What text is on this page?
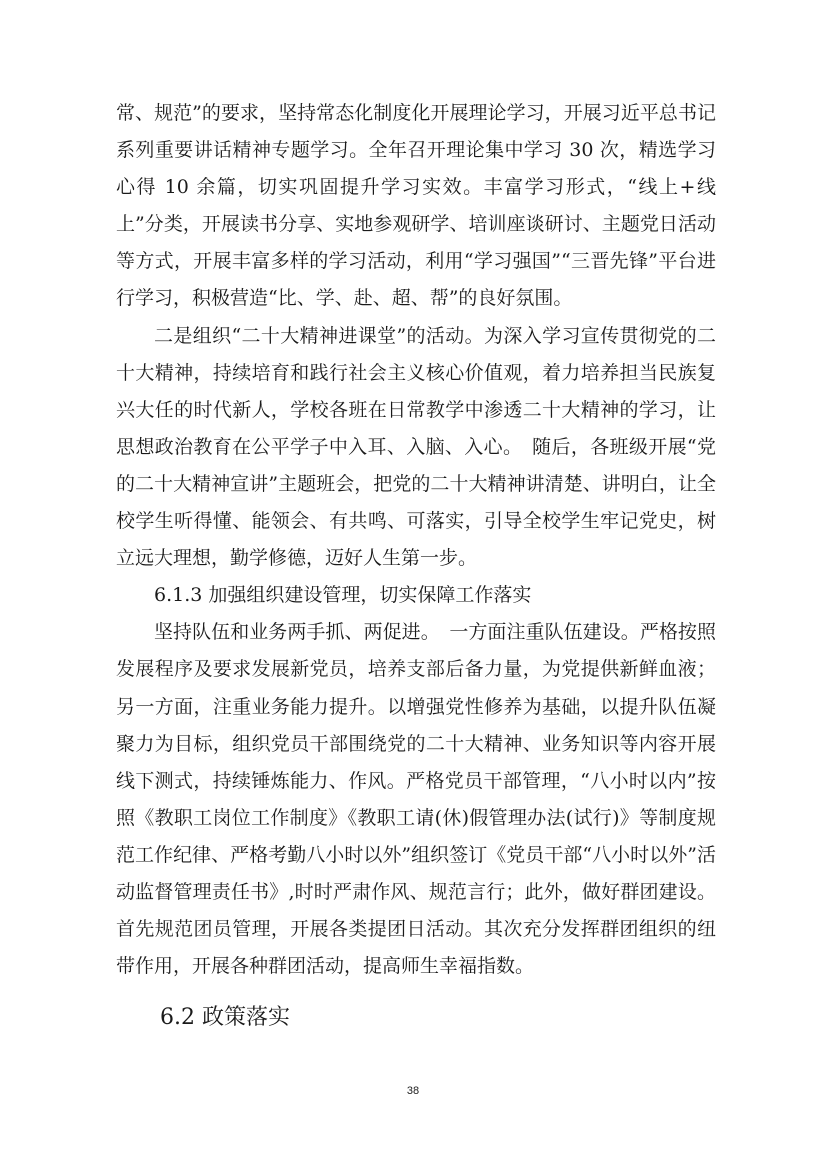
常、规范”的要求，坚持常态化制度化开展理论学习，开展习近平总书记系列重要讲话精神专题学习。全年召开理论集中学习 30 次，精选学习心得 10 余篇，切实巩固提升学习实效。丰富学习形式，“线上+线上”分类，开展读书分享、实地参观研学、培训座谈研讨、主题党日活动等方式，开展丰富多样的学习活动，利用“学习强国”“三晋先锋”平台进行学习，积极营造“比、学、赴、超、帮”的良好氛围。

二是组织“二十大精神进课堂”的活动。为深入学习宣传贯彻党的二十大精神，持续培育和践行社会主义核心价值观，着力培养担当民族复兴大任的时代新人，学校各班在日常教学中渗透二十大精神的学习，让思想政治教育在公平学子中入耳、入脑、入心。　随后，各班级开展“党的二十大精神宣讲”主题班会，把党的二十大精神讲清楚、讲明白，让全校学生听得懂、能领会、有共鸣、可落实，引导全校学生牢记党史，树立远大理想，勤学修德，迈好人生第一步。

6.1.3 加强组织建设管理，切实保障工作落实

坚持队伍和业务两手抓、两促进。　一方面注重队伍建设。严格按照发展程序及要求发展新党员，培养支部后备力量，为党提供新鲜血液；另一方面，注重业务能力提升。以增强党性修养为基础，以提升队伍凝聚力为目标，组织党员干部围绕党的二十大精神、业务知识等内容开展线下测式，持续锤炼能力、作风。严格党员干部管理，“八小时以内”按照《教职工岗位工作制度》《教职工请(休)假管理办法(试行)》等制度规范工作纪律、严格考勤八小时以外”组织签订《党员干部“八小时以外”活动监督管理责任书》,时时严肃作风、规范言行；此外，做好群团建设。首先规范团员管理，开展各类提团日活动。其次充分发挥群团组织的纽带作用，开展各种群团活动，提高师生幸福指数。

6.2 政策落实
38
